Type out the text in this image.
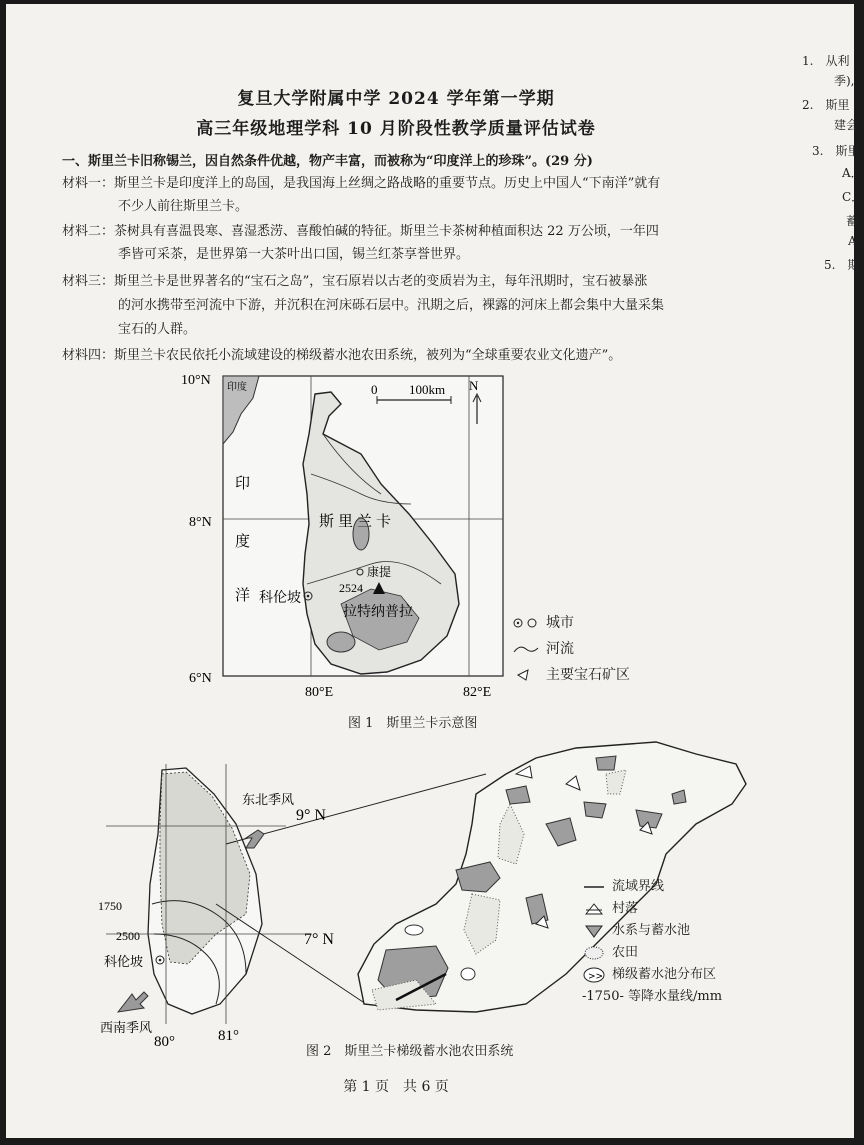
1.　从利
季),
2.　斯里
建会
3.　斯里
A．
C．
蓄
A
5.　斯
复旦大学附属中学 2024 学年第一学期
高三年级地理学科 10 月阶段性教学质量评估试卷
一、斯里兰卡旧称锡兰，因自然条件优越，物产丰富，而被称为“印度洋上的珍珠”。(29 分)
材料一：斯里兰卡是印度洋上的岛国，是我国海上丝绸之路战略的重要节点。历史上中国人“下南洋”就有
不少人前往斯里兰卡。
材料二：茶树具有喜温畏寒、喜湿悉涝、喜酸怕碱的特征。斯里兰卡茶树种植面积达 22 万公顷，一年四
季皆可采茶，是世界第一大茶叶出口国，锡兰红茶享誉世界。
材料三：斯里兰卡是世界著名的“宝石之岛”，宝石原岩以古老的变质岩为主，每年汛期时，宝石被暴涨
的河水携带至河流中下游，并沉积在河床砾石层中。汛期之后，裸露的河床上都会集中大量采集
宝石的人群。
材料四：斯里兰卡农民依托小流域建设的梯级蓄水池农田系统，被列为“全球重要农业文化遗产”。
0 100km N
印度
印
度
洋
斯里兰卡
康提
2524
科伦坡
拉特纳普拉
10°N
8°N
6°N
80°E	82°E
城市
河流
主要宝石矿区
图 1　斯里兰卡示意图
东北季风
9° N
7° N
1750
2500
科伦坡
西南季风
80°	81°
流域界线
村落
水系与蓄水池
农田
>> 梯级蓄水池分布区
-1750- 等降水量线/mm
图 2　斯里兰卡梯级蓄水池农田系统
第 1 页　共 6 页
